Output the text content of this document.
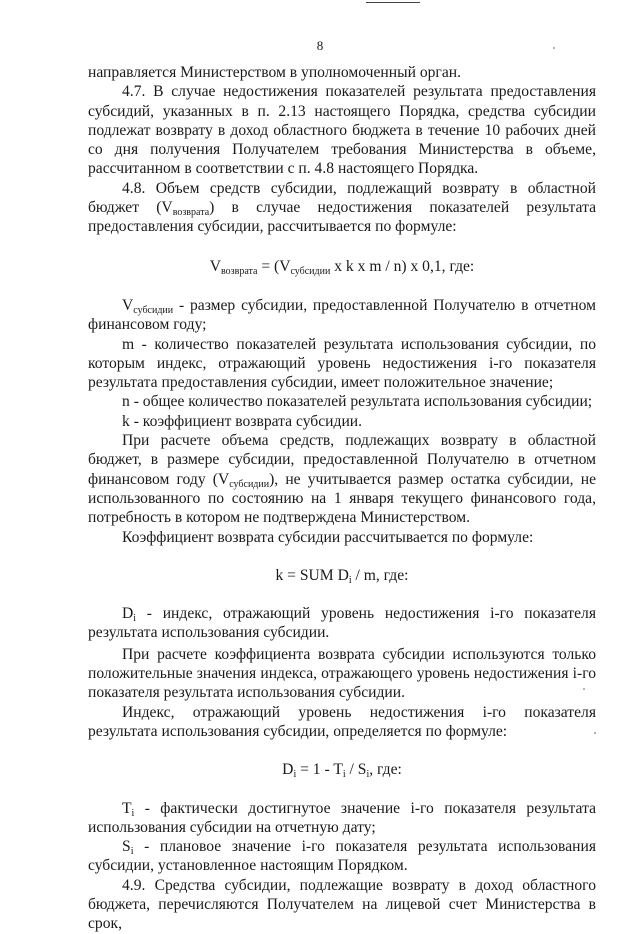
8

направляется Министерством в уполномоченный орган.

4.7. В случае недостижения показателей результата предоставления субсидий, указанных в п. 2.13 настоящего Порядка, средства субсидии подлежат возврату в доход областного бюджета в течение 10 рабочих дней со дня получения Получателем требования Министерства в объеме, рассчитанном в соответствии с п. 4.8 настоящего Порядка.

4.8. Объем средств субсидии, подлежащий возврату в областной бюджет $(V_{возврата})$ в случае недостижения показателей результата предоставления субсидии, рассчитывается по формуле:

$V_{возврата} = (V_{субсидии}$ x k x m / n) x 0,1, где:

$V_{субсидии}$ - размер субсидии, предоставленной Получателю в отчетном финансовом году;

m - количество показателей результата использования субсидии, по которым индекс, отражающий уровень недостижения i-го показателя результата предоставления субсидии, имеет положительное значение;

n - общее количество показателей результата использования субсидии;

k - коэффициент возврата субсидии.

При расчете объема средств, подлежащих возврату в областной бюджет, в размере субсидии, предоставленной Получателю в отчетном финансовом году $(V_{субсидии})$, не учитывается размер остатка субсидии, не использованного по состоянию на 1 января текущего финансового года, потребность в котором не подтверждена Министерством.

Коэффициент возврата субсидии рассчитывается по формуле:

k = SUM $D_i$ / m, где:

$D_i$ - индекс, отражающий уровень недостижения i-го показателя результата использования субсидии.

При расчете коэффициента возврата субсидии используются только положительные значения индекса, отражающего уровень недостижения i-го показателя результата использования субсидии.

Индекс, отражающий уровень недостижения i-го показателя результата использования субсидии, определяется по формуле:

$D_i = 1 - T_i / S_i$, где:

$T_i$ - фактически достигнутое значение i-го показателя результата использования субсидии на отчетную дату;

$S_i$ - плановое значение i-го показателя результата использования субсидии, установленное настоящим Порядком.

4.9. Средства субсидии, подлежащие возврату в доход областного бюджета, перечисляются Получателем на лицевой счет Министерства в срок,
